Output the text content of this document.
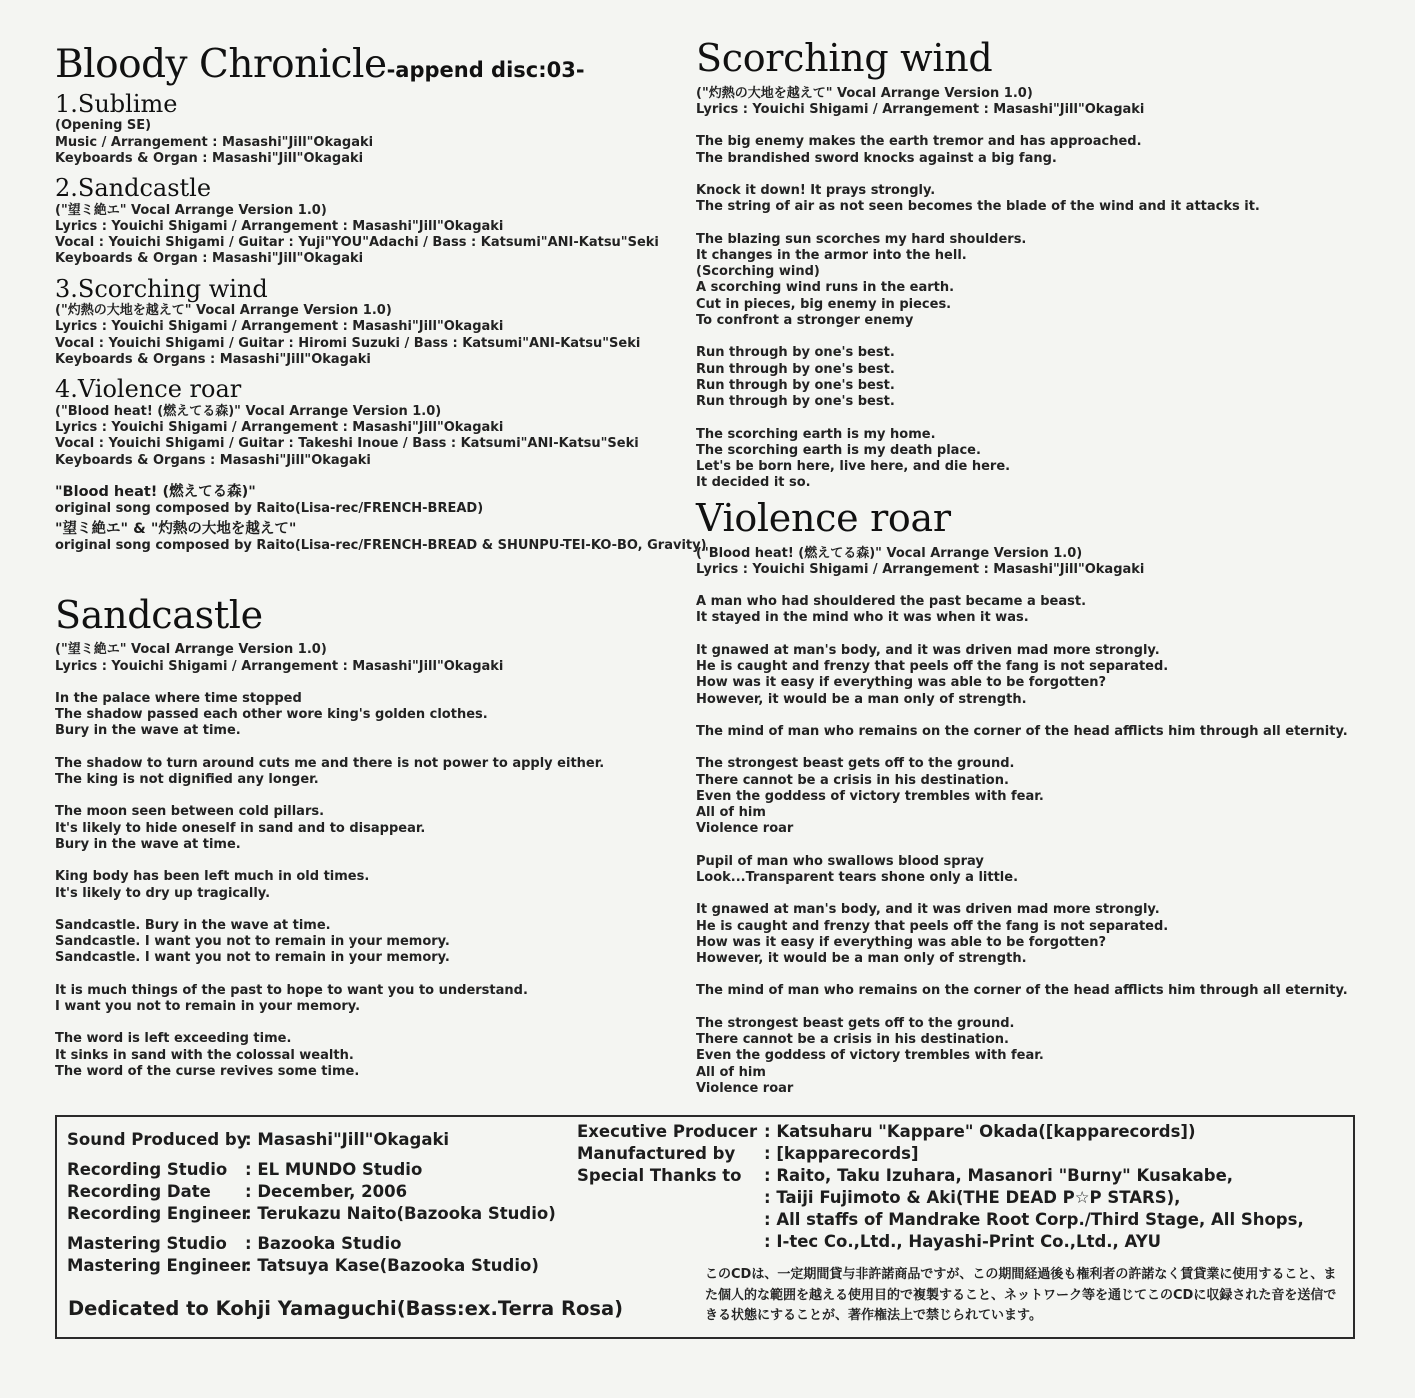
Bloody Chronicle-append disc:03-
1.Sublime
(Opening SE)
Music / Arrangement : Masashi"Jill"Okagaki
Keyboards & Organ : Masashi"Jill"Okagaki
2.Sandcastle
("望ミ絶エ" Vocal Arrange Version 1.0)
Lyrics : Youichi Shigami / Arrangement : Masashi"Jill"Okagaki
Vocal : Youichi Shigami / Guitar : Yuji"YOU"Adachi / Bass : Katsumi"ANI-Katsu"Seki
Keyboards & Organ : Masashi"Jill"Okagaki
3.Scorching wind
("灼熱の大地を越えて" Vocal Arrange Version 1.0)
Lyrics : Youichi Shigami / Arrangement : Masashi"Jill"Okagaki
Vocal : Youichi Shigami / Guitar : Hiromi Suzuki / Bass : Katsumi"ANI-Katsu"Seki
Keyboards & Organs : Masashi"Jill"Okagaki
4.Violence roar
("Blood heat! (燃えてる森)" Vocal Arrange Version 1.0)
Lyrics : Youichi Shigami / Arrangement : Masashi"Jill"Okagaki
Vocal : Youichi Shigami / Guitar : Takeshi Inoue / Bass : Katsumi"ANI-Katsu"Seki
Keyboards & Organs : Masashi"Jill"Okagaki
"Blood heat! (燃えてる森)"
original song composed by Raito(Lisa-rec/FRENCH-BREAD)
"望ミ絶エ" & "灼熱の大地を越えて"
original song composed by Raito(Lisa-rec/FRENCH-BREAD & SHUNPU-TEI-KO-BO, Gravity)
Sandcastle
("望ミ絶エ" Vocal Arrange Version 1.0)
Lyrics : Youichi Shigami / Arrangement : Masashi"Jill"Okagaki
In the palace where time stopped
The shadow passed each other wore king's golden clothes.
Bury in the wave at time.
The shadow to turn around cuts me and there is not power to apply either.
The king is not dignified any longer.
The moon seen between cold pillars.
It's likely to hide oneself in sand and to disappear.
Bury in the wave at time.
King body has been left much in old times.
It's likely to dry up tragically.
Sandcastle. Bury in the wave at time.
Sandcastle. I want you not to remain in your memory.
Sandcastle. I want you not to remain in your memory.
It is much things of the past to hope to want you to understand.
I want you not to remain in your memory.
The word is left exceeding time.
It sinks in sand with the colossal wealth.
The word of the curse revives some time.
Scorching wind
("灼熱の大地を越えて" Vocal Arrange Version 1.0)
Lyrics : Youichi Shigami / Arrangement : Masashi"Jill"Okagaki
The big enemy makes the earth tremor and has approached.
The brandished sword knocks against a big fang.
Knock it down! It prays strongly.
The string of air as not seen becomes the blade of the wind and it attacks it.
The blazing sun scorches my hard shoulders.
It changes in the armor into the hell.
(Scorching wind)
A scorching wind runs in the earth.
Cut in pieces, big enemy in pieces.
To confront a stronger enemy
Run through by one's best.
Run through by one's best.
Run through by one's best.
Run through by one's best.
The scorching earth is my home.
The scorching earth is my death place.
Let's be born here, live here, and die here.
It decided it so.
Violence roar
("Blood heat! (燃えてる森)" Vocal Arrange Version 1.0)
Lyrics : Youichi Shigami / Arrangement : Masashi"Jill"Okagaki
A man who had shouldered the past became a beast.
It stayed in the mind who it was when it was.
It gnawed at man's body, and it was driven mad more strongly.
He is caught and frenzy that peels off the fang is not separated.
How was it easy if everything was able to be forgotten?
However, it would be a man only of strength.
The mind of man who remains on the corner of the head afflicts him through all eternity.
The strongest beast gets off to the ground.
There cannot be a crisis in his destination.
Even the goddess of victory trembles with fear.
All of him
Violence roar
Pupil of man who swallows blood spray
Look...Transparent tears shone only a little.
It gnawed at man's body, and it was driven mad more strongly.
He is caught and frenzy that peels off the fang is not separated.
How was it easy if everything was able to be forgotten?
However, it would be a man only of strength.
The mind of man who remains on the corner of the head afflicts him through all eternity.
The strongest beast gets off to the ground.
There cannot be a crisis in his destination.
Even the goddess of victory trembles with fear.
All of him
Violence roar
Sound Produced by: Masashi"Jill"Okagaki
Recording Studio : EL MUNDO Studio
Recording Date : December, 2006
Recording Engineer: Terukazu Naito(Bazooka Studio)
Mastering Studio : Bazooka Studio
Mastering Engineer: Tatsuya Kase(Bazooka Studio)
Executive Producer : Katsuharu "Kappare" Okada([kapparecords])
Manufactured by : [kapparecords]
Special Thanks to : Raito, Taku Izuhara, Masanori "Burny" Kusakabe,
: Taiji Fujimoto & Aki(THE DEAD P☆P STARS),
: All staffs of Mandrake Root Corp./Third Stage, All Shops,
: I-tec Co.,Ltd., Hayashi-Print Co.,Ltd., AYU
このCDは、一定期間貸与非許諾商品ですが、この期間経過後も権利者の許諾なく賃貸業に使用すること、また個人的な範囲を越える使用目的で複製すること、ネットワーク等を通じてこのCDに収録された音を送信できる状態にすることが、著作権法上で禁じられています。
Dedicated to Kohji Yamaguchi(Bass:ex.Terra Rosa)
